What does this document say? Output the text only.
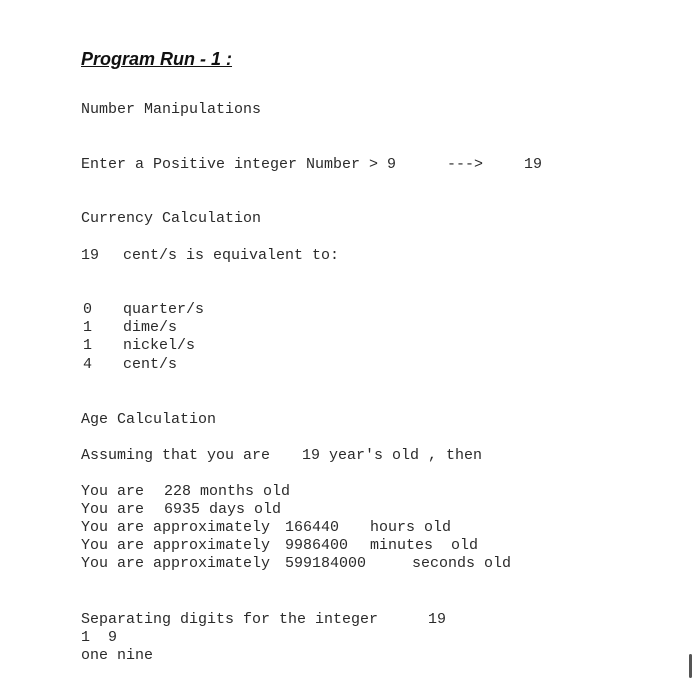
Program Run - 1 :
Number Manipulations
Enter a Positive integer Number > 9	--->	19
Currency Calculation
19 cent/s is equivalent to:
0 quarter/s
1 dime/s
1 nickel/s
4 cent/s
Age Calculation
Assuming that you are 19 year's old , then
You are 228 months old
You are 6935 days old
You are approximately 166440 hours old
You are approximately 9986400 minutes  old
You are approximately 599184000	seconds old
Separating digits for the integer	19
1  9
one nine
